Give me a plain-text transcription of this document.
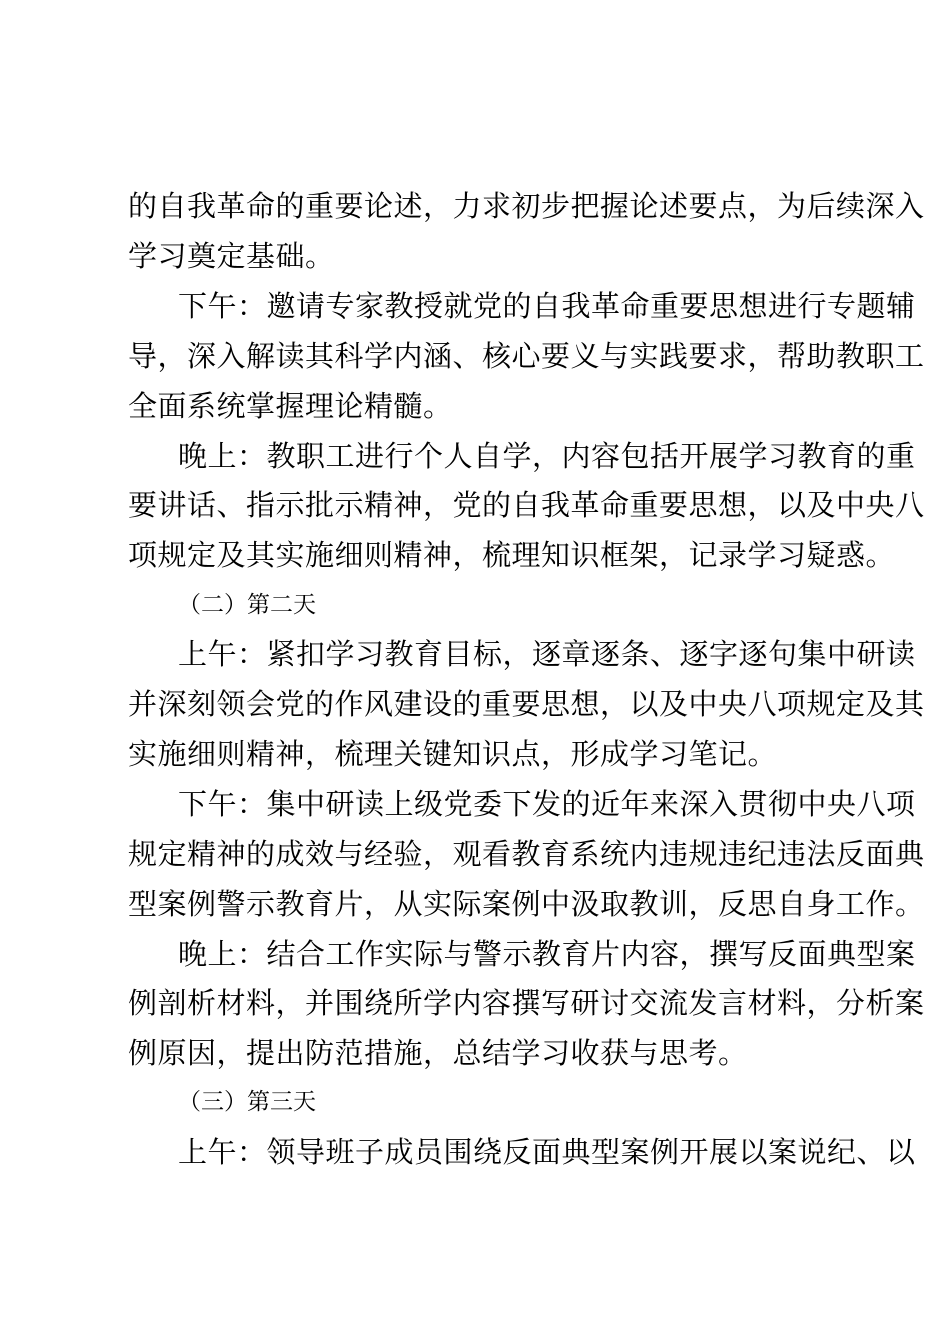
的自我革命的重要论述，力求初步把握论述要点，为后续深入
学习奠定基础。
下午：邀请专家教授就党的自我革命重要思想进行专题辅
导，深入解读其科学内涵、核心要义与实践要求，帮助教职工
全面系统掌握理论精髓。
晚上：教职工进行个人自学，内容包括开展学习教育的重
要讲话、指示批示精神，党的自我革命重要思想，以及中央八
项规定及其实施细则精神，梳理知识框架，记录学习疑惑。
（二）第二天
上午：紧扣学习教育目标，逐章逐条、逐字逐句集中研读
并深刻领会党的作风建设的重要思想，以及中央八项规定及其
实施细则精神，梳理关键知识点，形成学习笔记。
下午：集中研读上级党委下发的近年来深入贯彻中央八项
规定精神的成效与经验，观看教育系统内违规违纪违法反面典
型案例警示教育片，从实际案例中汲取教训，反思自身工作。
晚上：结合工作实际与警示教育片内容，撰写反面典型案
例剖析材料，并围绕所学内容撰写研讨交流发言材料，分析案
例原因，提出防范措施，总结学习收获与思考。
（三）第三天
上午：领导班子成员围绕反面典型案例开展以案说纪、以
